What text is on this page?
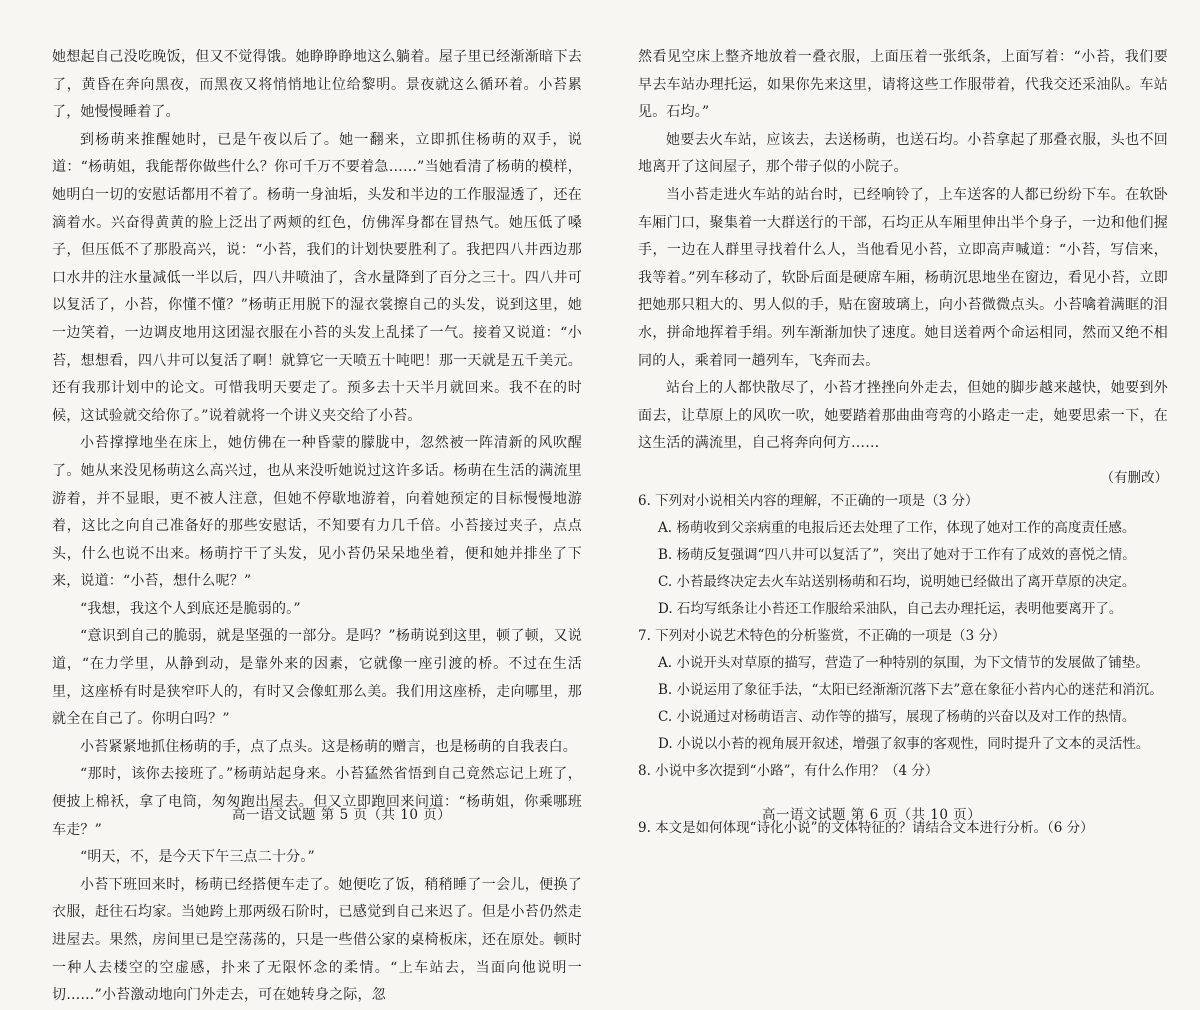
她想起自己没吃晚饭，但又不觉得饿。她睁睁睁地这么躺着。屋子里已经渐渐暗下去了，黄昏在奔向黑夜，而黑夜又将悄悄地让位给黎明。景夜就这么循环着。小苔累了，她慢慢睡着了。

到杨萌来推醒她时，已是午夜以后了。她一翻来，立即抓住杨萌的双手，说道：“杨萌姐，我能帮你做些什么？你可千万不要着急……”当她看清了杨萌的模样，她明白一切的安慰话都用不着了。杨萌一身油垢，头发和半边的工作服湿透了，还在滴着水。兴奋得黄黄的脸上泛出了两颊的红色，仿佛浑身都在冒热气。她压低了嗓子，但压低不了那股高兴，说：“小苔，我们的计划快要胜利了。我把四八井西边那口水井的注水量减低一半以后，四八井喷油了，含水量降到了百分之三十。四八井可以复活了，小苔，你懂不懂？”杨萌正用脱下的湿衣裳擦自己的头发，说到这里，她一边笑着，一边调皮地用这团湿衣服在小苔的头发上乱揉了一气。接着又说道：“小苔，想想看，四八井可以复活了啊！就算它一天喷五十吨吧！那一天就是五千美元。还有我那计划中的论文。可惜我明天要走了。预多去十天半月就回来。我不在的时候，这试验就交给你了。”说着就将一个讲义夹交给了小苔。

小苔撑撑地坐在床上，她仿佛在一种昏蒙的朦胧中，忽然被一阵清新的风吹醒了。她从来没见杨萌这么高兴过，也从来没听她说过这许多话。杨萌在生活的满流里游着，并不显眼，更不被人注意，但她不停歇地游着，向着她预定的目标慢慢地游着，这比之向自己准备好的那些安慰话，不知要有力几千倍。小苔接过夹子，点点头，什么也说不出来。杨萌拧干了头发，见小苔仍呆呆地坐着，便和她并排坐了下来，说道：“小苔，想什么呢？”

“我想，我这个人到底还是脆弱的。”

“意识到自己的脆弱，就是坚强的一部分。是吗？”杨萌说到这里，顿了顿，又说道，“在力学里，从静到动，是靠外来的因素，它就像一座引渡的桥。不过在生活里，这座桥有时是狭窄吓人的，有时又会像虹那么美。我们用这座桥，走向哪里，那就全在自己了。你明白吗？”

小苔紧紧地抓住杨萌的手，点了点头。这是杨萌的赠言，也是杨萌的自我表白。

“那时，该你去接班了。”杨萌站起身来。小苔猛然省悟到自己竟然忘记上班了，便披上棉袄，拿了电筒，匆匆跑出屋去。但又立即跑回来问道：“杨萌姐，你乘哪班车走？”

“明天，不，是今天下午三点二十分。”

小苔下班回来时，杨萌已经搭便车走了。她便吃了饭，稍稍睡了一会儿，便换了衣服，赶往石均家。当她跨上那两级石阶时，已感觉到自己来迟了。但是小苔仍然走进屋去。果然，房间里已是空荡荡的，只是一些借公家的桌椅板床，还在原处。顿时一种人去楼空的空虚感，扑来了无限怀念的柔情。“上车站去，当面向他说明一切……”小苔激动地向门外走去，可在她转身之际，忽

然看见空床上整齐地放着一叠衣服，上面压着一张纸条，上面写着：“小苔，我们要早去车站办理托运，如果你先来这里，请将这些工作服带着，代我交还采油队。车站见。石均。”

她要去火车站，应该去，去送杨萌，也送石均。小苔拿起了那叠衣服，头也不回地离开了这间屋子，那个带子似的小院子。

当小苔走进火车站的站台时，已经响铃了，上车送客的人都已纷纷下车。在软卧车厢门口，聚集着一大群送行的干部，石均正从车厢里伸出半个身子，一边和他们握手，一边在人群里寻找着什么人，当他看见小苔，立即高声喊道：“小苔，写信来，我等着。”列车移动了，软卧后面是硬席车厢，杨萌沉思地坐在窗边，看见小苔，立即把她那只粗大的、男人似的手，贴在窗玻璃上，向小苔微微点头。小苔噙着满眶的泪水，拼命地挥着手绢。列车渐渐加快了速度。她目送着两个命运相同，然而又绝不相同的人，乘着同一趟列车，飞奔而去。

站台上的人都快散尽了，小苔才挫挫向外走去，但她的脚步越来越快，她要到外面去，让草原上的风吹一吹，她要踏着那曲曲弯弯的小路走一走，她要思索一下，在这生活的满流里，自己将奔向何方……

（有删改）

6. 下列对小说相关内容的理解，不正确的一项是（3 分）

A. 杨萌收到父亲病重的电报后还去处理了工作，体现了她对工作的高度责任感。

B. 杨萌反复强调“四八井可以复活了”，突出了她对于工作有了成效的喜悦之情。

C. 小苔最终决定去火车站送别杨萌和石均，说明她已经做出了离开草原的决定。

D. 石均写纸条让小苔还工作服给采油队，自己去办理托运，表明他要离开了。

7. 下列对小说艺术特色的分析鉴赏，不正确的一项是（3 分）

A. 小说开头对草原的描写，营造了一种特别的氛围，为下文情节的发展做了铺垫。

B. 小说运用了象征手法，“太阳已经渐渐沉落下去”意在象征小苔内心的迷茫和消沉。

C. 小说通过对杨萌语言、动作等的描写，展现了杨萌的兴奋以及对工作的热情。

D. 小说以小苔的视角展开叙述，增强了叙事的客观性，同时提升了文本的灵活性。

8. 小说中多次提到“小路”，有什么作用？（4 分）

9. 本文是如何体现“诗化小说”的文体特征的？请结合文本进行分析。（6 分）

高一语文试题 第 5 页（共 10 页）	高一语文试题 第 6 页（共 10 页）
